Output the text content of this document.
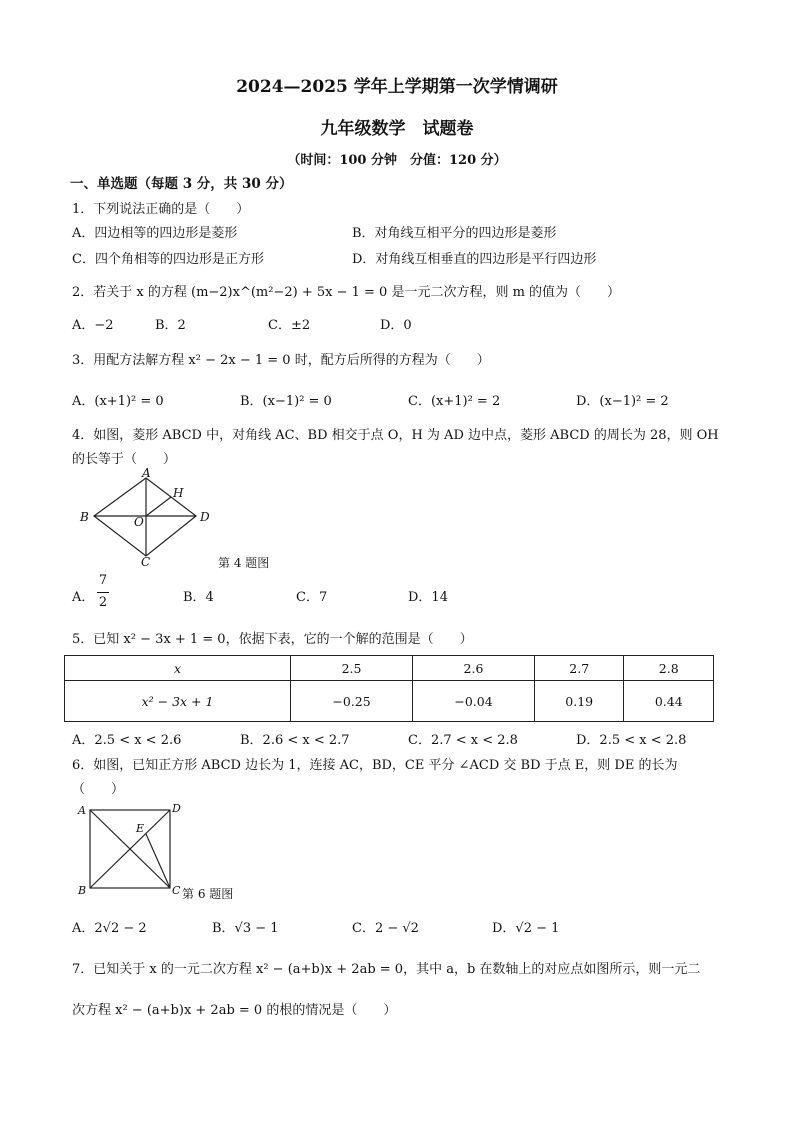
2024—2025 学年上学期第一次学情调研
九年级数学　试题卷
（时间：100 分钟　分值：120 分）
一、单选题（每题 3 分，共 30 分）
1．下列说法正确的是（　　）
A．四边相等的四边形是菱形	B．对角线互相平分的四边形是菱形
C．四个角相等的四边形是正方形	D．对角线互相垂直的四边形是平行四边形
2．若关于 x 的方程 (m−2)x^(m²−2) + 5x − 1 = 0 是一元二次方程，则 m 的值为（　　）
A．−2	B．2	C．±2	D．0
3．用配方法解方程 x² − 2x − 1 = 0 时，配方后所得的方程为（　　）
A．(x+1)² = 0	B．(x−1)² = 0	C．(x+1)² = 2	D．(x−1)² = 2
4．如图，菱形 ABCD 中，对角线 AC、BD 相交于点 O，H 为 AD 边中点，菱形 ABCD 的周长为 28，则 OH
的长等于（　　）
A
B
C
D
O
H
第 4 题图
A．
7
2	B．4	C．7	D．14
5．已知 x² − 3x + 1 = 0，依据下表，它的一个解的范围是（　　）
x	2.5	2.6	2.7	2.8
x² − 3x + 1	−0.25	−0.04	0.19	0.44
A．2.5 < x < 2.6	B．2.6 < x < 2.7	C．2.7 < x < 2.8	D．2.5 < x < 2.8
6．如图，已知正方形 ABCD 边长为 1，连接 AC，BD，CE 平分 ∠ACD 交 BD 于点 E，则 DE 的长为
（　　）
A
B	C
D
E
第 6 题图
A．2√2 − 2	B．√3 − 1	C．2 − √2	D．√2 − 1
7．已知关于 x 的一元二次方程 x² − (a+b)x + 2ab = 0，其中 a，b 在数轴上的对应点如图所示，则一元二
次方程 x² − (a+b)x + 2ab = 0 的根的情况是（　　）
